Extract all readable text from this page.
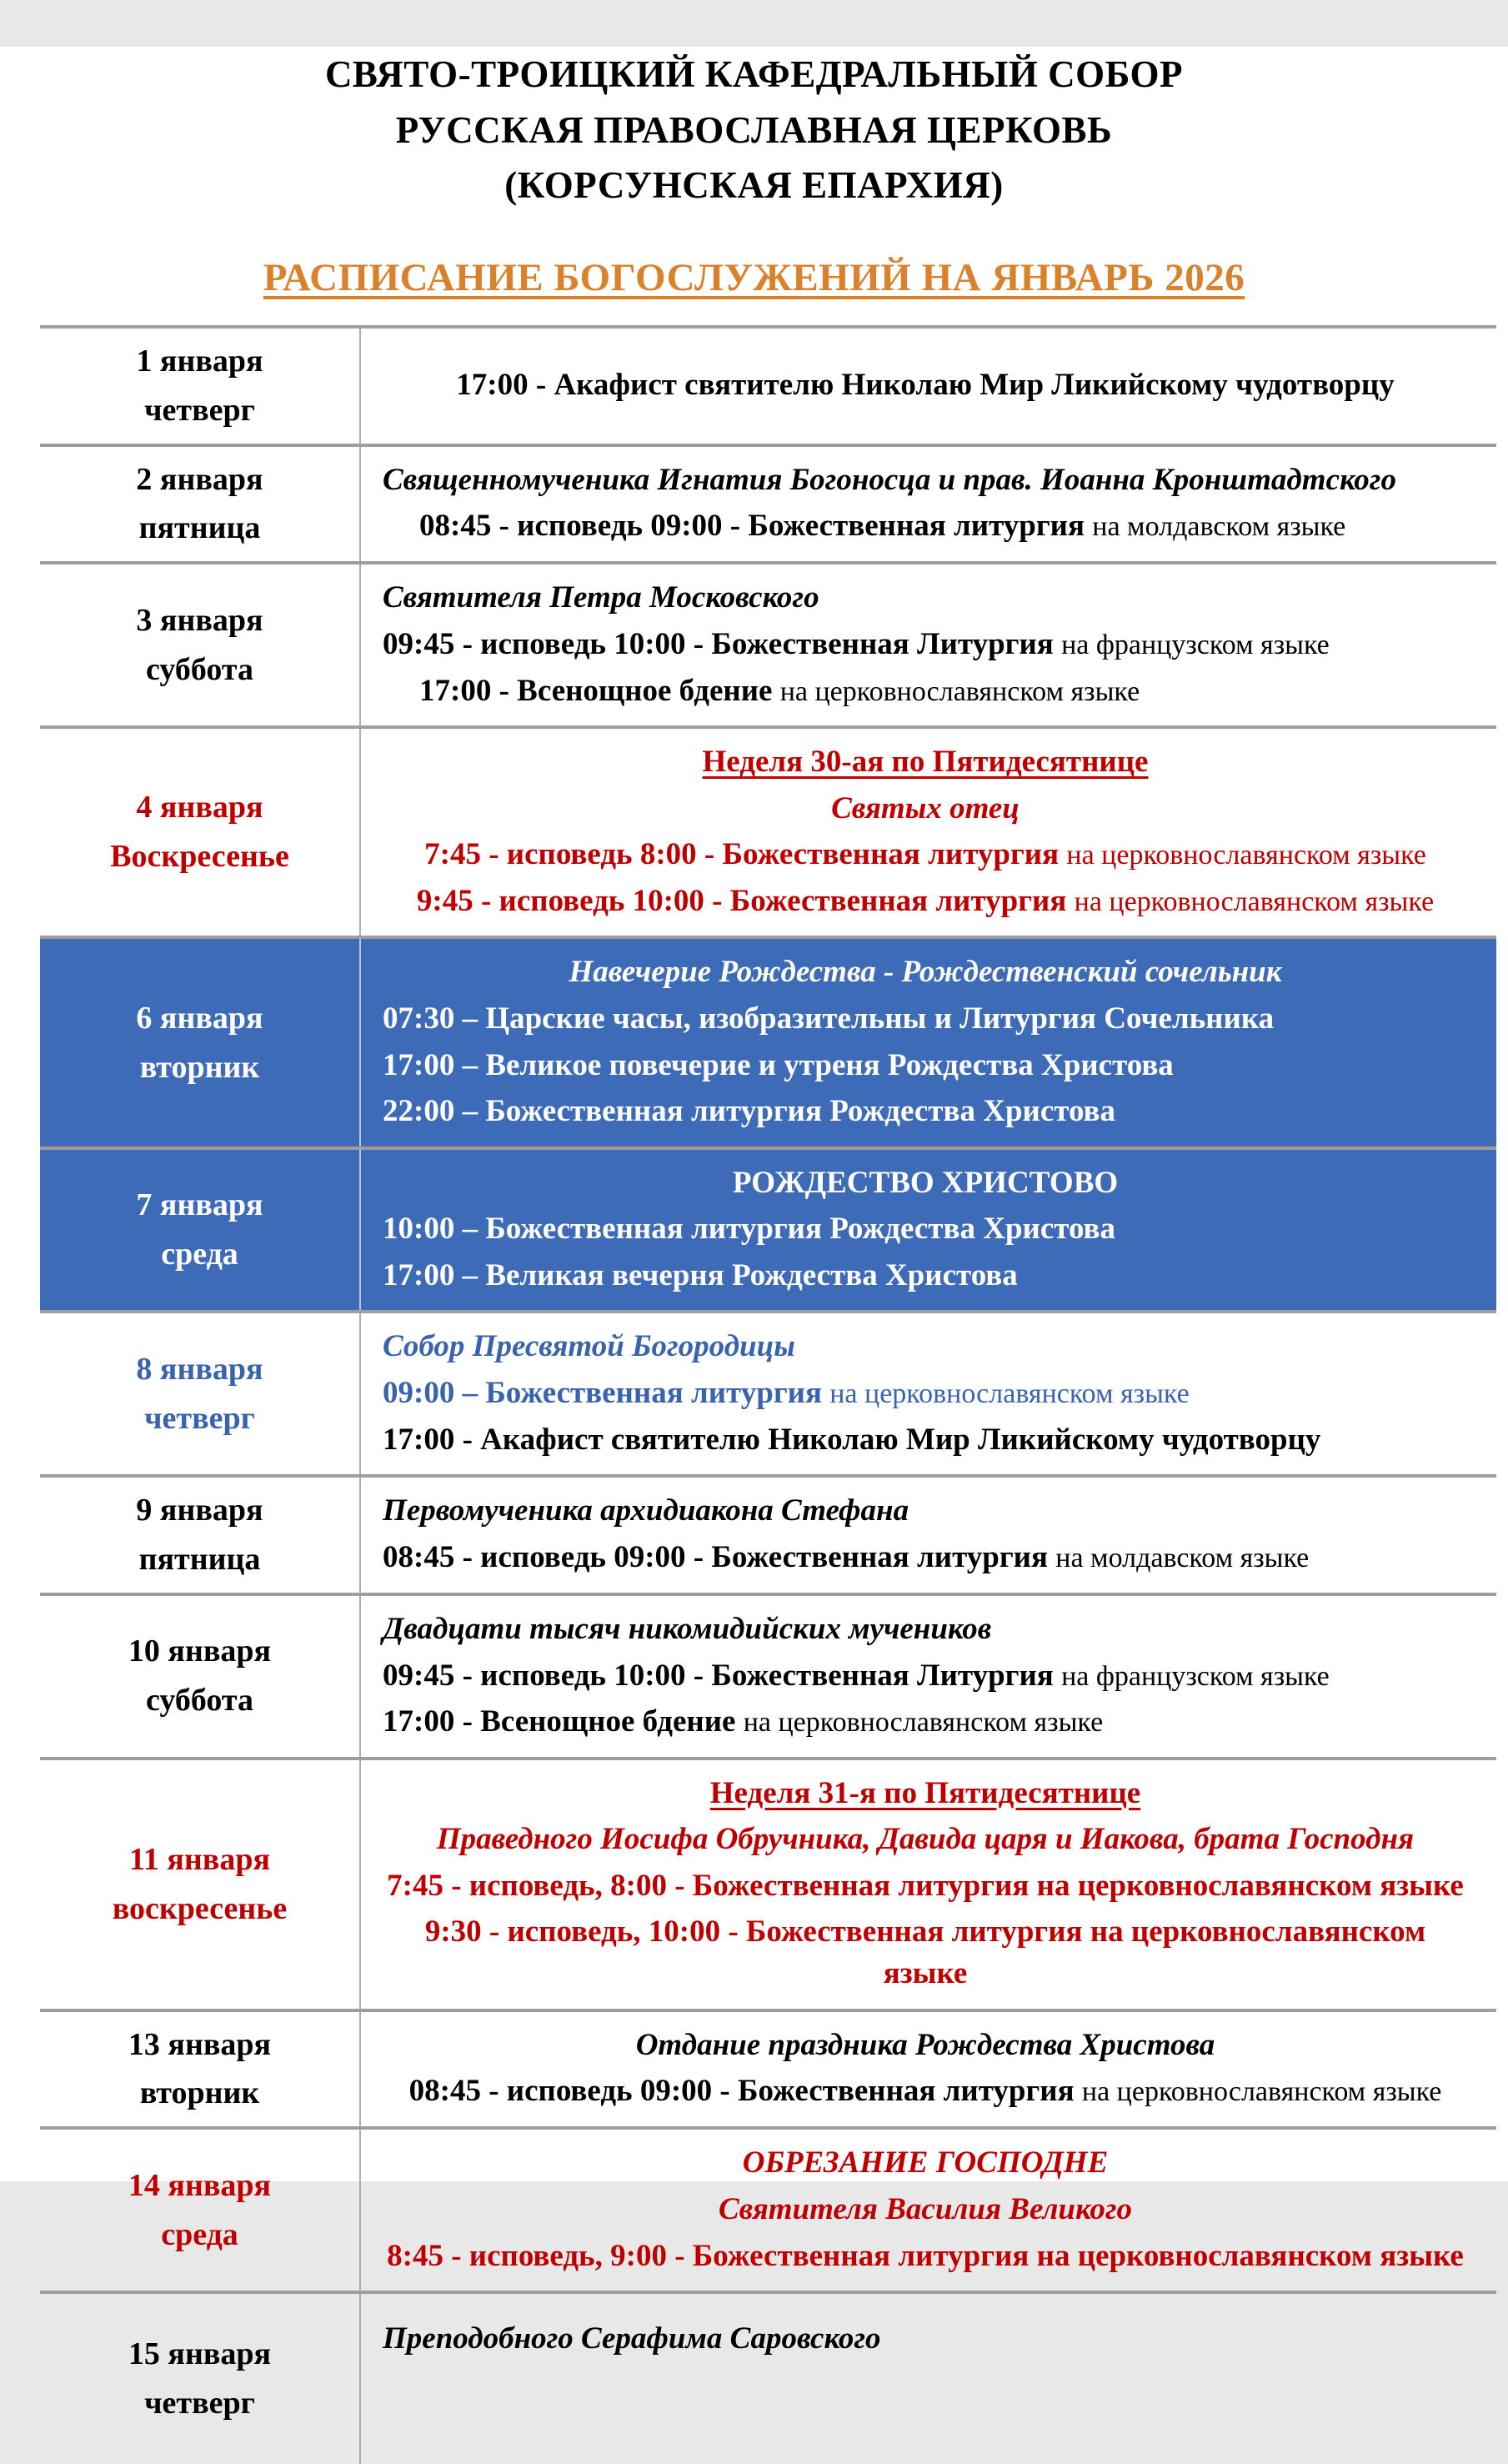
СВЯТО-ТРОИЦКИЙ КАФЕДРАЛЬНЫЙ СОБОР
РУССКАЯ ПРАВОСЛАВНАЯ ЦЕРКОВЬ
(КОРСУНСКАЯ ЕПАРХИЯ)
РАСПИСАНИЕ БОГОСЛУЖЕНИЙ НА ЯНВАРЬ 2026
1 января
четверг
17:00 - Акафист святителю Николаю Мир Ликийскому чудотворцу
2 января
пятница
Священномученика Игнатия Богоносца и прав. Иоанна Кронштадтского
08:45 - исповедь 09:00 - Божественная литургия на молдавском языке
3 января
суббота
Святителя Петра Московского
09:45 - исповедь 10:00 - Божественная Литургия на французском языке
17:00 - Всенощное бдение на церковнославянском языке
4 января
Воскресенье
Неделя 30-ая по Пятидесятнице
Святых отец
7:45 - исповедь 8:00 - Божественная литургия на церковнославянском языке
9:45 - исповедь 10:00 - Божественная литургия на церковнославянском языке
6 января
вторник
Навечерие Рождества - Рождественский сочельник
07:30 – Царские часы, изобразительны и Литургия Сочельника
17:00 – Великое повечерие и утреня Рождества Христова
22:00 – Божественная литургия Рождества Христова
7 января
среда
РОЖДЕСТВО ХРИСТОВО
10:00 – Божественная литургия Рождества Христова
17:00 – Великая вечерня Рождества Христова
8 января
четверг
Собор Пресвятой Богородицы
09:00 – Божественная литургия на церковнославянском языке
17:00 - Акафист святителю Николаю Мир Ликийскому чудотворцу
9 января
пятница
Первомученика архидиакона Стефана
08:45 - исповедь 09:00 - Божественная литургия на молдавском языке
10 января
суббота
Двадцати тысяч никомидийских мучеников
09:45 - исповедь 10:00 - Божественная Литургия на французском языке
17:00 - Всенощное бдение на церковнославянском языке
11 января
воскресенье
Неделя 31-я по Пятидесятнице
Праведного Иосифа Обручника, Давида царя и Иакова, брата Господня
7:45 - исповедь, 8:00 - Божественная литургия на церковнославянском языке
9:30 - исповедь, 10:00 - Божественная литургия на церковнославянском языке
13 января
вторник
Отдание праздника Рождества Христова
08:45 - исповедь 09:00 - Божественная литургия на церковнославянском языке
14 января
среда
ОБРЕЗАНИЕ ГОСПОДНЕ
Святителя Василия Великого
8:45 - исповедь, 9:00 - Божественная литургия на церковнославянском языке
15 января
четверг
Преподобного Серафима Саровского
